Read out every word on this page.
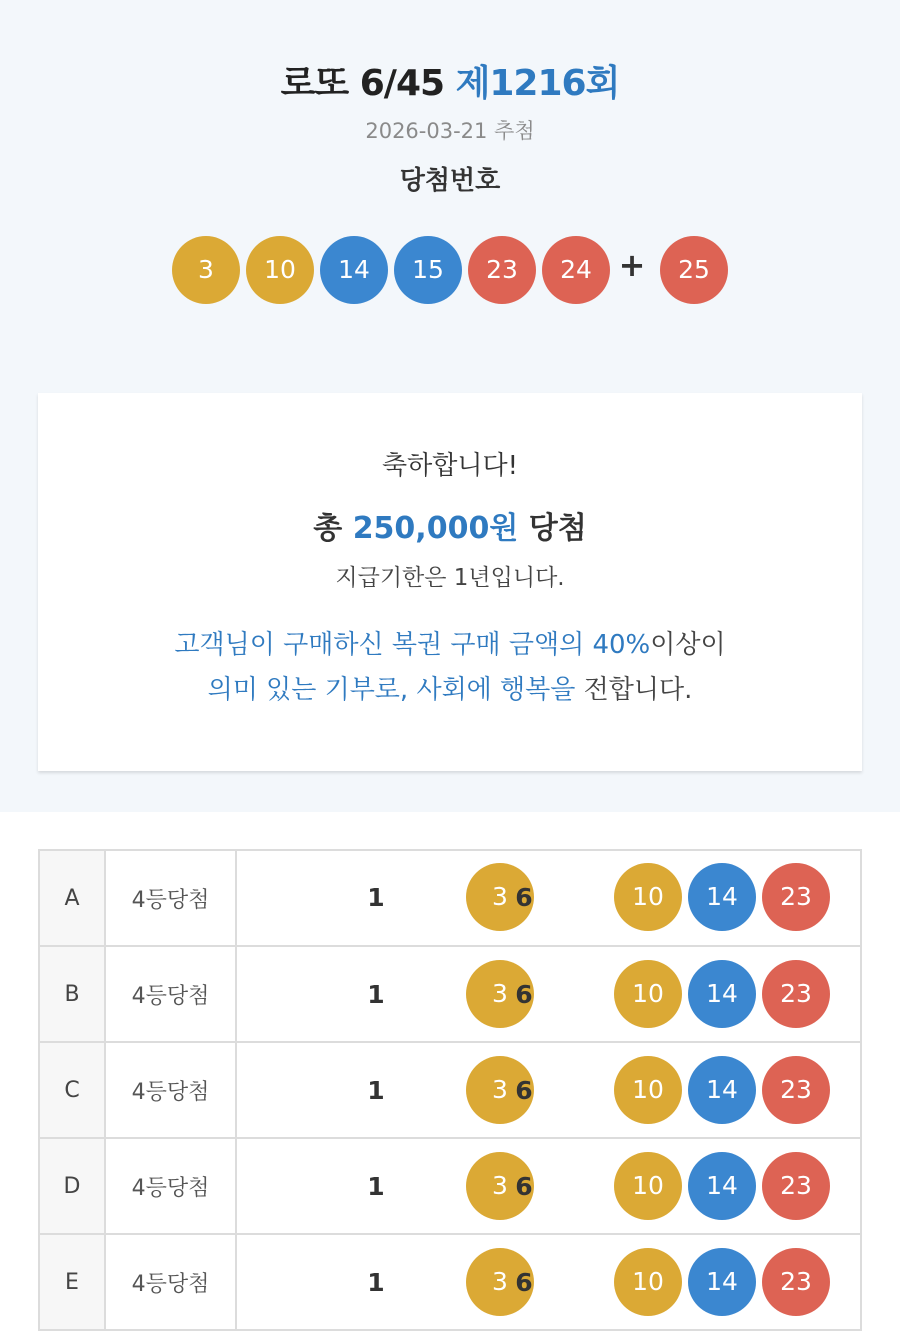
로또 6/45 제1216회
2026-03-21 추첨
당첨번호
3	10	14	15	23	24	25
+
축하합니다!
총 250,000원 당첨
지급기한은 1년입니다.
고객님이 구매하신 복권 구매 금액의 40%이상이
의미 있는 기부로, 사회에 행복을 전합니다.
A	4등당첨	1	3 6	10	14	23
B	4등당첨	1	3 6	10	14	23
C	4등당첨	1	3 6	10	14	23
D	4등당첨	1	3 6	10	14	23
E	4등당첨	1	3 6	10	14	23
